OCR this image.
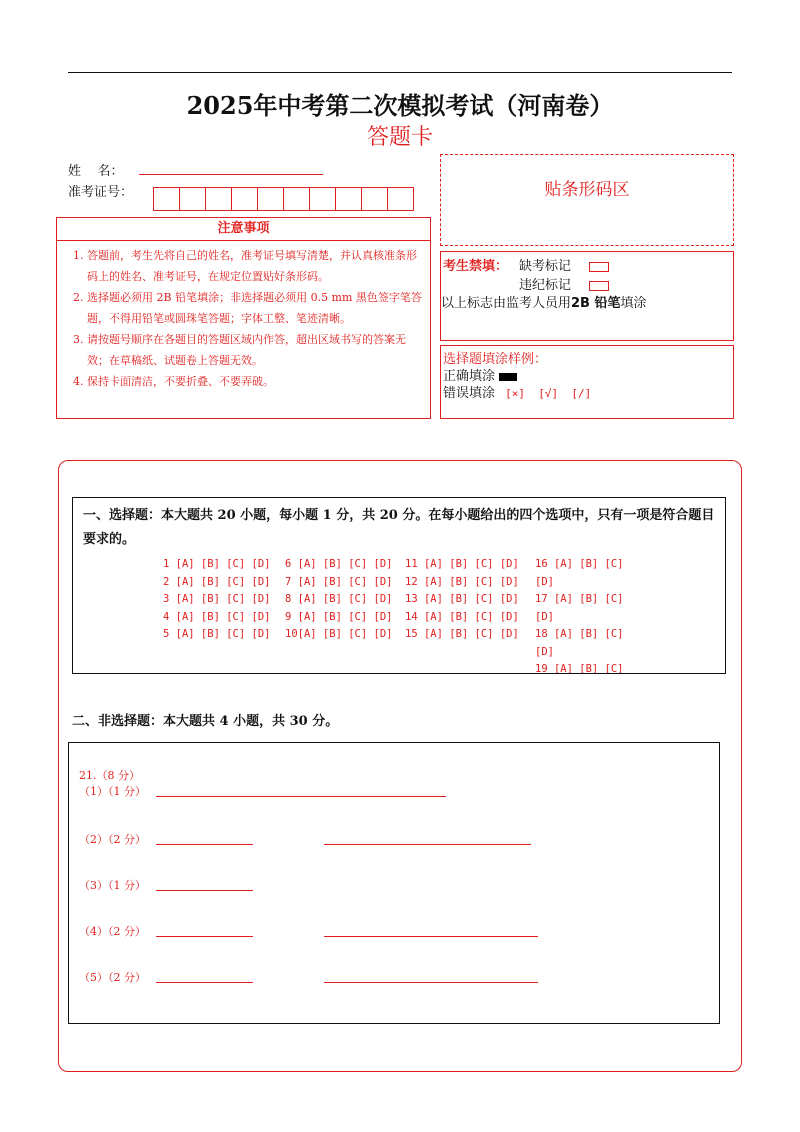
2025年中考第二次模拟考试（河南卷）
答题卡
姓    名：
准考证号：
注意事项
1. 答题前，考生先将自己的姓名，准考证号填写清楚，并认真核准条形码上的姓名、准考证号，在规定位置贴好条形码。
2. 选择题必须用 2B 铅笔填涂；非选择题必须用 0.5 mm 黑色签字笔答题，不得用铅笔或圆珠笔答题；字体工整、笔迹清晰。
3. 请按题号顺序在各题目的答题区域内作答，超出区域书写的答案无效；在草稿纸、试题卷上答题无效。
4. 保持卡面清洁，不要折叠、不要弄破。
贴条形码区
考生禁填： 缺考标记
违纪标记
以上标志由监考人员用2B 铅笔填涂
选择题填涂样例：
正确填涂
错误填涂 [×]  [√]  [/]
一、选择题：本大题共 20 小题，每小题 1 分，共 20 分。在每小题给出的四个选项中，只有一项是符合题目要求的。
1 [A] [B] [C] [D]
2 [A] [B] [C] [D]
3 [A] [B] [C] [D]
4 [A] [B] [C] [D]
5 [A] [B] [C] [D]
6 [A] [B] [C] [D]
7 [A] [B] [C] [D]
8 [A] [B] [C] [D]
9 [A] [B] [C] [D]
10[A] [B] [C] [D]
11 [A] [B] [C] [D]
12 [A] [B] [C] [D]
13 [A] [B] [C] [D]
14 [A] [B] [C] [D]
15 [A] [B] [C] [D]
16 [A] [B] [C]
[D]
17 [A] [B] [C]
[D]
18 [A] [B] [C]
[D]
19 [A] [B] [C]
二、非选择题：本大题共 4 小题，共 30 分。
21.（8 分）
（1）（1 分）
（2）（2 分）
（3）（1 分）
（4）（2 分）
（5）（2 分）
